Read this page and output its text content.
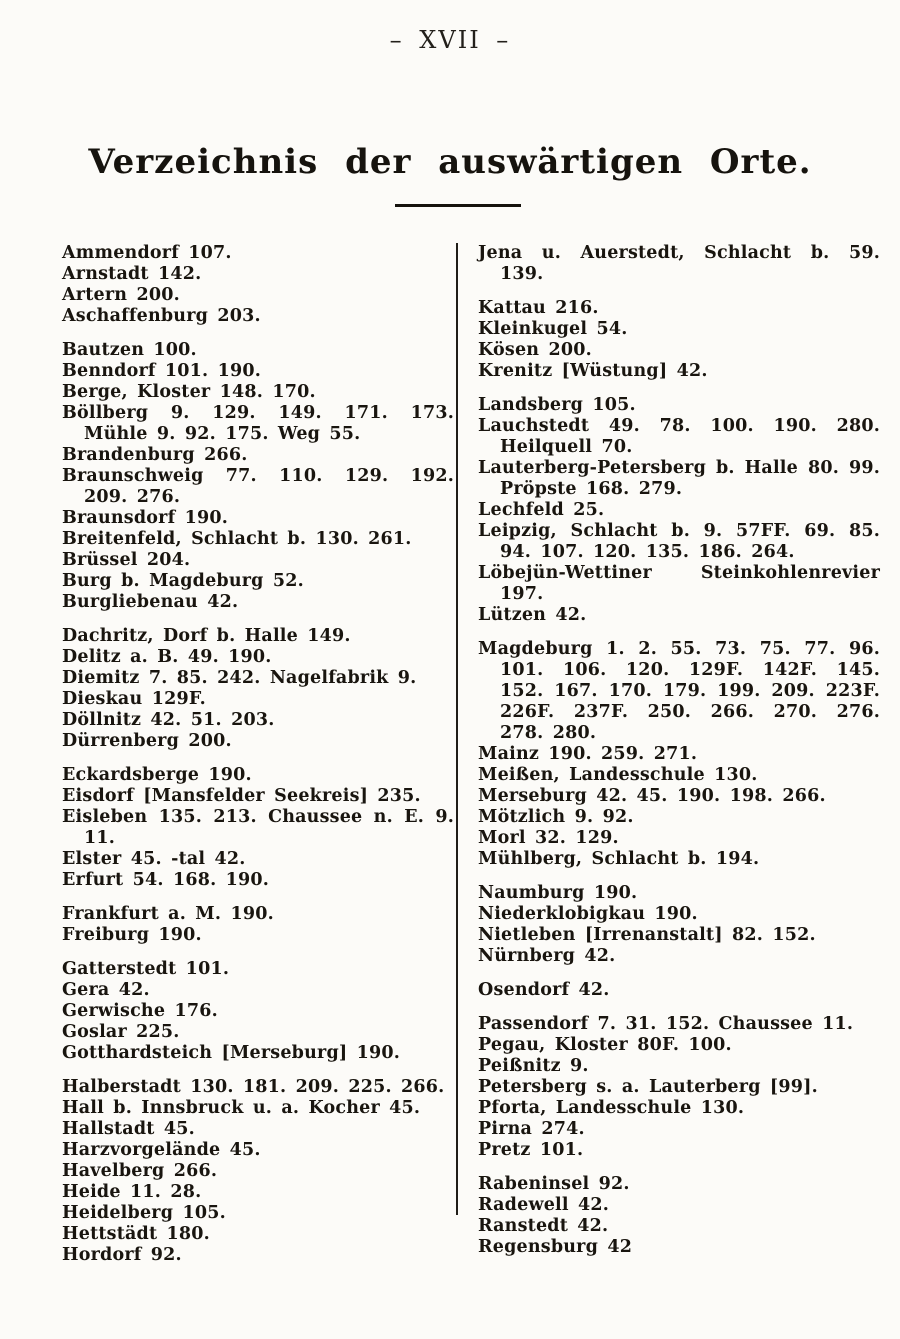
– XVII –
Verzeichnis der auswärtigen Orte.
Ammendorf 107.
Arnstadt 142.
Artern 200.
Aschaffenburg 203.
Bautzen 100.
Benndorf 101. 190.
Berge, Kloster 148. 170.
Böllberg 9. 129. 149. 171. 173. Mühle 9. 92. 175. Weg 55.
Brandenburg 266.
Braunschweig 77. 110. 129. 192. 209. 276.
Braunsdorf 190.
Breitenfeld, Schlacht b. 130. 261.
Brüssel 204.
Burg b. Magdeburg 52.
Burgliebenau 42.
Dachritz, Dorf b. Halle 149.
Delitz a. B. 49. 190.
Diemitz 7. 85. 242. Nagelfabrik 9.
Dieskau 129F.
Döllnitz 42. 51. 203.
Dürrenberg 200.
Eckardsberge 190.
Eisdorf [Mansfelder Seekreis] 235.
Eisleben 135. 213. Chaussee n. E. 9. 11.
Elster 45. -tal 42.
Erfurt 54. 168. 190.
Frankfurt a. M. 190.
Freiburg 190.
Gatterstedt 101.
Gera 42.
Gerwische 176.
Goslar 225.
Gotthardsteich [Merseburg] 190.
Halberstadt 130. 181. 209. 225. 266.
Hall b. Innsbruck u. a. Kocher 45.
Hallstadt 45.
Harzvorgelände 45.
Havelberg 266.
Heide 11. 28.
Heidelberg 105.
Hettstädt 180.
Hordorf 92.
Jena u. Auerstedt, Schlacht b. 59. 139.
Kattau 216.
Kleinkugel 54.
Kösen 200.
Krenitz [Wüstung] 42.
Landsberg 105.
Lauchstedt 49. 78. 100. 190. 280. Heilquell 70.
Lauterberg-Petersberg b. Halle 80. 99. Pröpste 168. 279.
Lechfeld 25.
Leipzig, Schlacht b. 9. 57FF. 69. 85. 94. 107. 120. 135. 186. 264.
Löbejün-Wettiner Steinkohlenrevier 197.
Lützen 42.
Magdeburg 1. 2. 55. 73. 75. 77. 96. 101. 106. 120. 129F. 142F. 145. 152. 167. 170. 179. 199. 209. 223F. 226F. 237F. 250. 266. 270. 276. 278. 280.
Mainz 190. 259. 271.
Meißen, Landesschule 130.
Merseburg 42. 45. 190. 198. 266.
Mötzlich 9. 92.
Morl 32. 129.
Mühlberg, Schlacht b. 194.
Naumburg 190.
Niederklobigkau 190.
Nietleben [Irrenanstalt] 82. 152.
Nürnberg 42.
Osendorf 42.
Passendorf 7. 31. 152. Chaussee 11.
Pegau, Kloster 80F. 100.
Peißnitz 9.
Petersberg s. a. Lauterberg [99].
Pforta, Landesschule 130.
Pirna 274.
Pretz 101.
Rabeninsel 92.
Radewell 42.
Ranstedt 42.
Regensburg 42
